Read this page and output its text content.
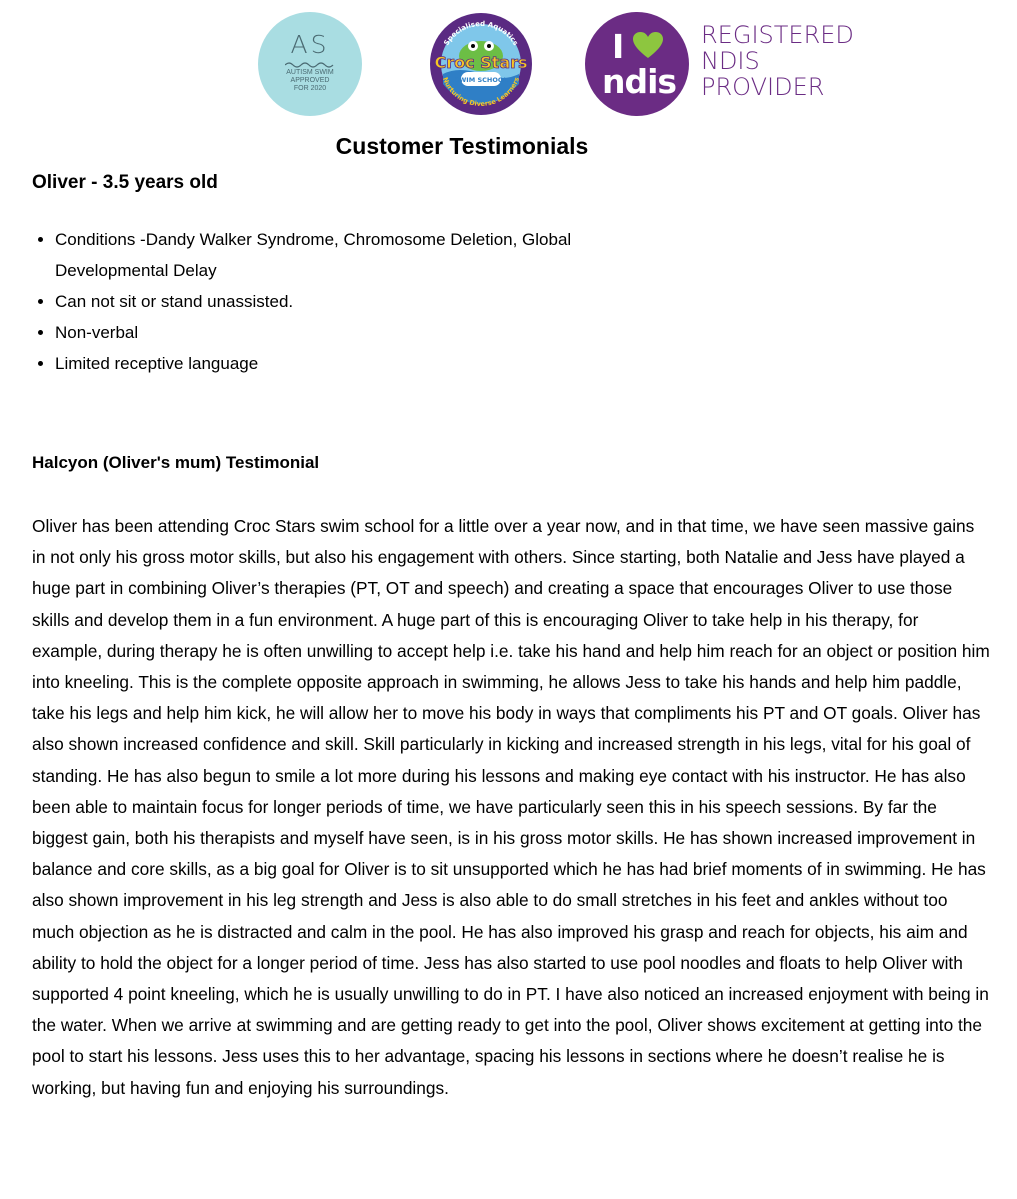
AS
AUTISM SWIM
APPROVED
FOR 2020
Specialised Aquatics
Croc Stars
SWIM SCHOOL
Nurturing Diverse Learners
I
ndis
REGISTERED
NDIS
PROVIDER
Customer Testimonials
Oliver - 3.5 years old
• Conditions -Dandy Walker Syndrome, Chromosome Deletion, Global Developmental Delay
• Can not sit or stand unassisted.
• Non-verbal
• Limited receptive language
Halcyon (Oliver's mum) Testimonial

Oliver has been attending Croc Stars swim school for a little over a year now, and in that time, we have seen massive gains in not only his gross motor skills, but also his engagement with others. Since starting, both Natalie and Jess have played a huge part in combining Oliver’s therapies (PT, OT and speech) and creating a space that encourages Oliver to use those skills and develop them in a fun environment. A huge part of this is encouraging Oliver to take help in his therapy, for example, during therapy he is often unwilling to accept help i.e. take his hand and help him reach for an object or position him into kneeling. This is the complete opposite approach in swimming, he allows Jess to take his hands and help him paddle, take his legs and help him kick, he will allow her to move his body in ways that compliments his PT and OT goals. Oliver has also shown increased confidence and skill. Skill particularly in kicking and increased strength in his legs, vital for his goal of standing. He has also begun to smile a lot more during his lessons and making eye contact with his instructor. He has also been able to maintain focus for longer periods of time, we have particularly seen this in his speech sessions. By far the biggest gain, both his therapists and myself have seen, is in his gross motor skills. He has shown increased improvement in balance and core skills, as a big goal for Oliver is to sit unsupported which he has had brief moments of in swimming. He has also shown improvement in his leg strength and Jess is also able to do small stretches in his feet and ankles without too much objection as he is distracted and calm in the pool. He has also improved his grasp and reach for objects, his aim and ability to hold the object for a longer period of time. Jess has also started to use pool noodles and floats to help Oliver with supported 4 point kneeling, which he is usually unwilling to do in PT. I have also noticed an increased enjoyment with being in the water. When we arrive at swimming and are getting ready to get into the pool, Oliver shows excitement at getting into the pool to start his lessons. Jess uses this to her advantage, spacing his lessons in sections where he doesn’t realise he is working, but having fun and enjoying his surroundings.
